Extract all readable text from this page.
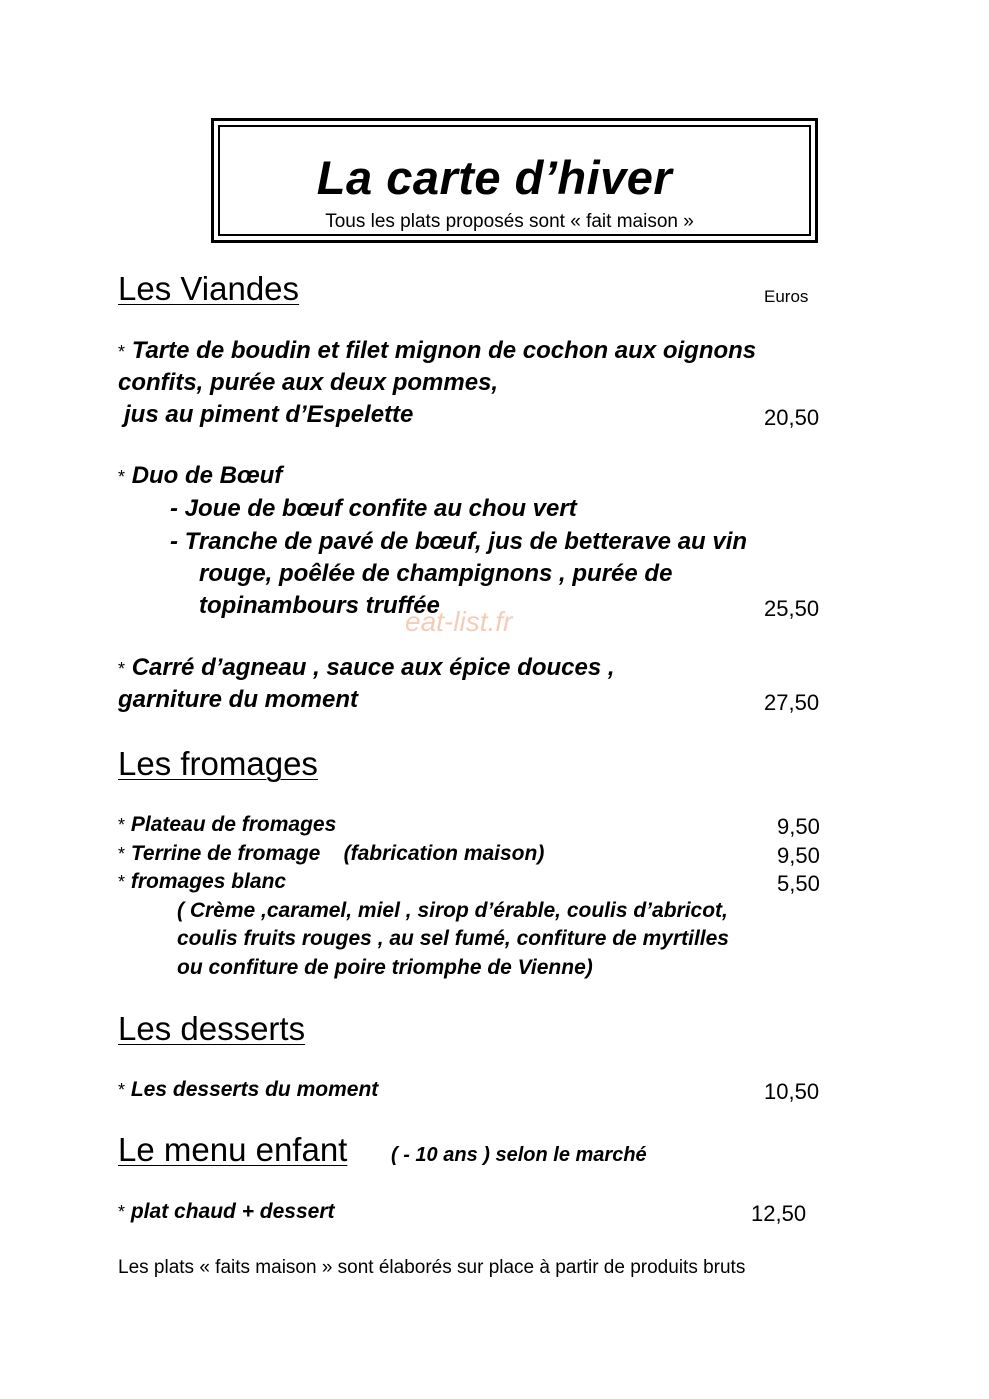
La carte d’hiver
Tous les plats proposés sont « fait maison »
Les Viandes	Euros
* Tarte de boudin et filet mignon de cochon aux oignons
confits, purée aux deux pommes,
jus au piment d’Espelette	20,50
* Duo de Bœuf
- Joue de bœuf confite au chou vert
- Tranche de pavé de bœuf, jus de betterave au vin
rouge, poêlée de champignons , purée de
topinambours truffée	25,50
eat-list.fr
* Carré d’agneau , sauce aux épice douces ,
garniture du moment	27,50
Les fromages
* Plateau de fromages	9,50
* Terrine de fromage    (fabrication maison)	9,50
* fromages blanc	5,50
( Crème ,caramel, miel , sirop d’érable, coulis d’abricot,
coulis fruits rouges , au sel fumé, confiture de myrtilles
ou confiture de poire triomphe de Vienne)
Les desserts
* Les desserts du moment	10,50
Le menu enfant ( - 10 ans ) selon le marché
* plat chaud + dessert	12,50
Les plats « faits maison » sont élaborés sur place à partir de produits bruts
